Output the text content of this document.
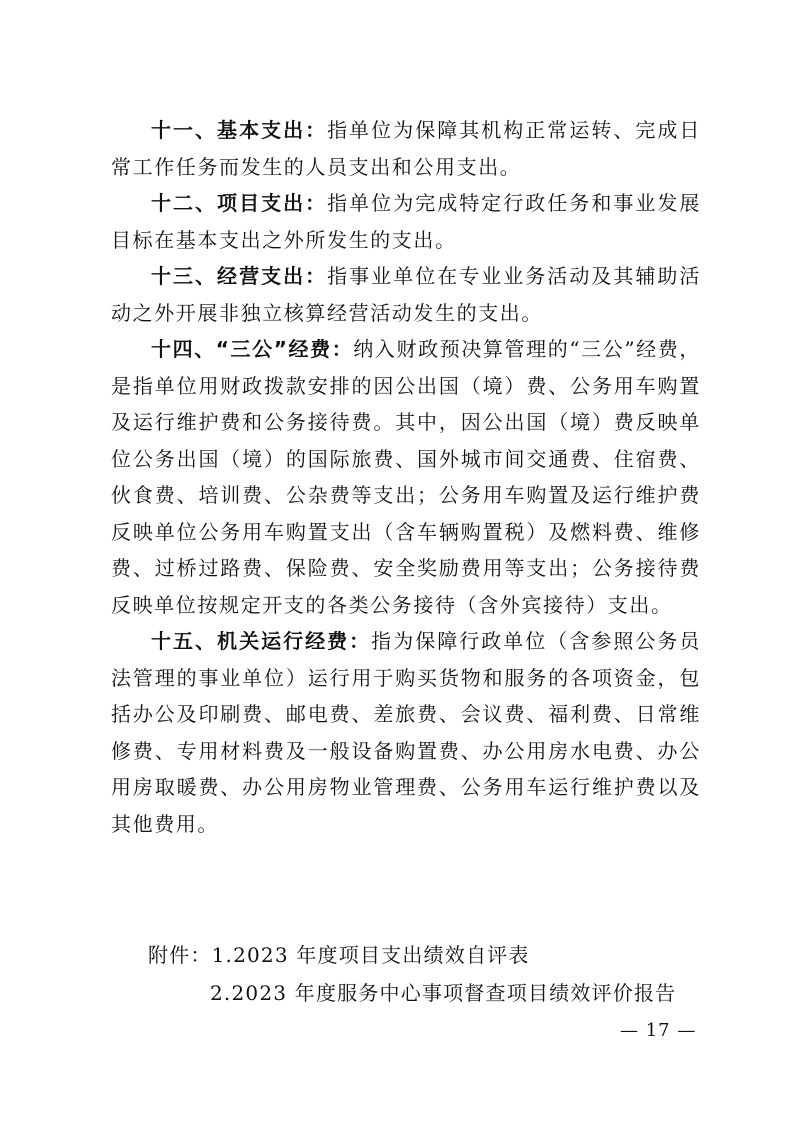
十一、基本支出：指单位为保障其机构正常运转、完成日常工作任务而发生的人员支出和公用支出。

十二、项目支出：指单位为完成特定行政任务和事业发展目标在基本支出之外所发生的支出。

十三、经营支出：指事业单位在专业业务活动及其辅助活动之外开展非独立核算经营活动发生的支出。

十四、“三公”经费：纳入财政预决算管理的“三公”经费，是指单位用财政拨款安排的因公出国（境）费、公务用车购置及运行维护费和公务接待费。其中，因公出国（境）费反映单位公务出国（境）的国际旅费、国外城市间交通费、住宿费、伙食费、培训费、公杂费等支出；公务用车购置及运行维护费反映单位公务用车购置支出（含车辆购置税）及燃料费、维修费、过桥过路费、保险费、安全奖励费用等支出；公务接待费反映单位按规定开支的各类公务接待（含外宾接待）支出。

十五、机关运行经费：指为保障行政单位（含参照公务员法管理的事业单位）运行用于购买货物和服务的各项资金，包括办公及印刷费、邮电费、差旅费、会议费、福利费、日常维修费、专用材料费及一般设备购置费、办公用房水电费、办公用房取暖费、办公用房物业管理费、公务用车运行维护费以及其他费用。

附件：1.2023 年度项目支出绩效自评表
2.2023 年度服务中心事项督查项目绩效评价报告
— 17 —
